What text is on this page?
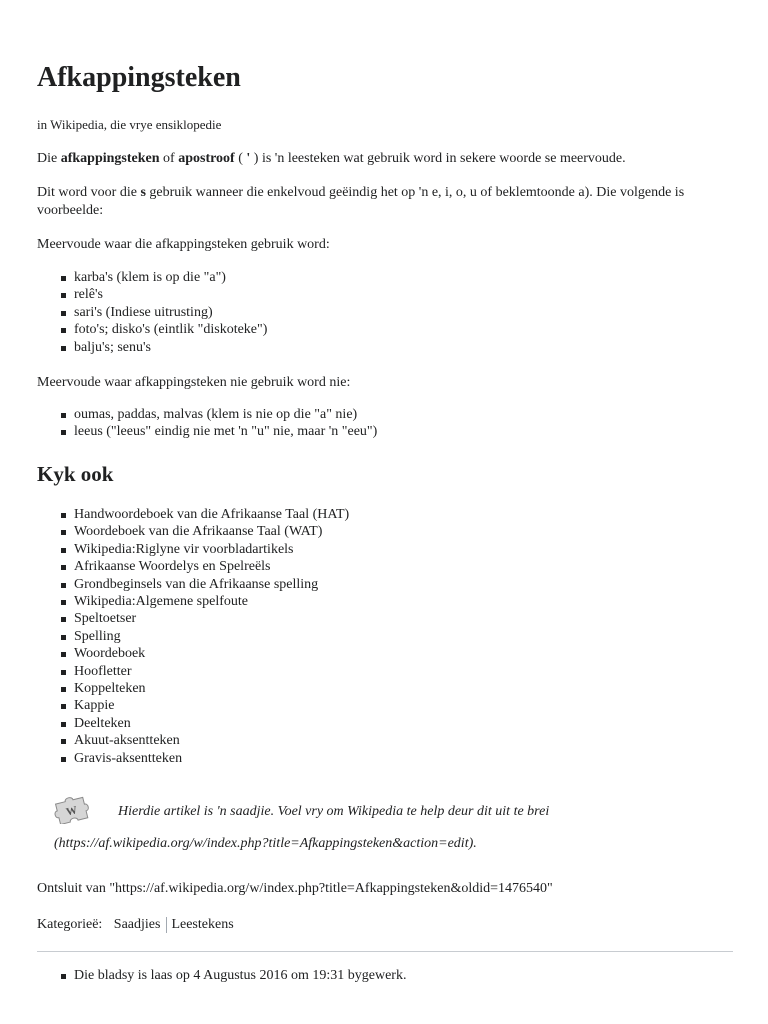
Afkappingsteken
in Wikipedia, die vrye ensiklopedie

Die afkappingsteken of apostroof ( ' ) is 'n leesteken wat gebruik word in sekere woorde se meervoude.

Dit word voor die s gebruik wanneer die enkelvoud geëindig het op 'n e, i, o, u of beklemtoonde a). Die volgende is voorbeelde:

Meervoude waar die afkappingsteken gebruik word:

karba's (klem is op die "a")
relê's
sari's (Indiese uitrusting)
foto's; disko's (eintlik "diskoteke")
balju's; senu's

Meervoude waar afkappingsteken nie gebruik word nie:

oumas, paddas, malvas (klem is nie op die "a" nie)
leeus ("leeus" eindig nie met 'n "u" nie, maar 'n "eeu")
Kyk ook
Handwoordeboek van die Afrikaanse Taal (HAT)
Woordeboek van die Afrikaanse Taal (WAT)
Wikipedia:Riglyne vir voorbladartikels
Afrikaanse Woordelys en Spelreëls
Grondbeginsels van die Afrikaanse spelling
Wikipedia:Algemene spelfoute
Speltoetser
Spelling
Woordeboek
Hoofletter
Koppelteken
Kappie
Deelteken
Akuut-aksentteken
Gravis-aksentteken

Hierdie artikel is 'n saadjie. Voel vry om Wikipedia te help deur dit uit te brei (https://af.wikipedia.org/w/index.php?title=Afkappingsteken&action=edit).

W

Ontsluit van "https://af.wikipedia.org/w/index.php?title=Afkappingsteken&oldid=1476540"

Kategorieë: Saadjies Leestekens
Die bladsy is laas op 4 Augustus 2016 om 19:31 bygewerk.
